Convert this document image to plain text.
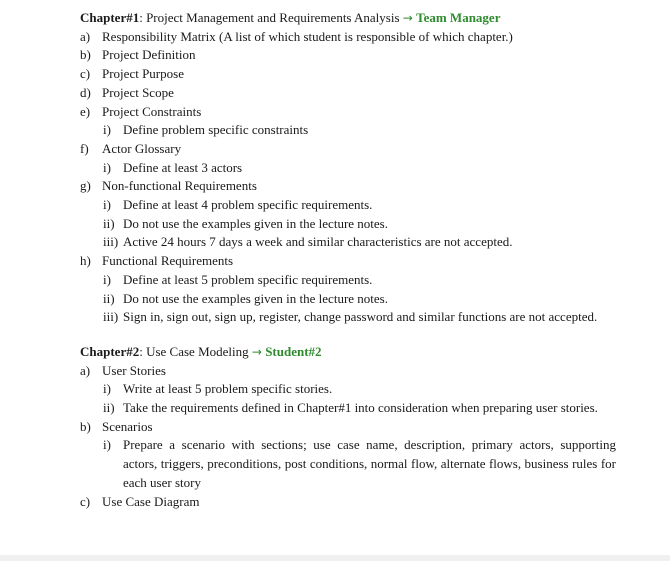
Chapter#1: Project Management and Requirements Analysis → Team Manager
a) Responsibility Matrix (A list of which student is responsible of which chapter.)
b) Project Definition
c) Project Purpose
d) Project Scope
e) Project Constraints
i) Define problem specific constraints
f)	Actor Glossary
i) Define at least 3 actors
g) Non-functional Requirements
i) Define at least 4 problem specific requirements.
ii) Do not use the examples given in the lecture notes.
iii) Active 24 hours 7 days a week and similar characteristics are not accepted.
h) Functional Requirements
i) Define at least 5 problem specific requirements.
ii) Do not use the examples given in the lecture notes.
iii) Sign in, sign out, sign up, register, change password and similar functions are not accepted.
Chapter#2: Use Case Modeling → Student#2
a) User Stories
i) Write at least 5 problem specific stories.
ii) Take the requirements defined in Chapter#1 into consideration when preparing user stories.
b) Scenarios
i) Prepare a scenario with sections; use case name, description, primary actors, supporting actors, triggers, preconditions, post conditions, normal flow, alternate flows, business rules for each user story
c) Use Case Diagram
